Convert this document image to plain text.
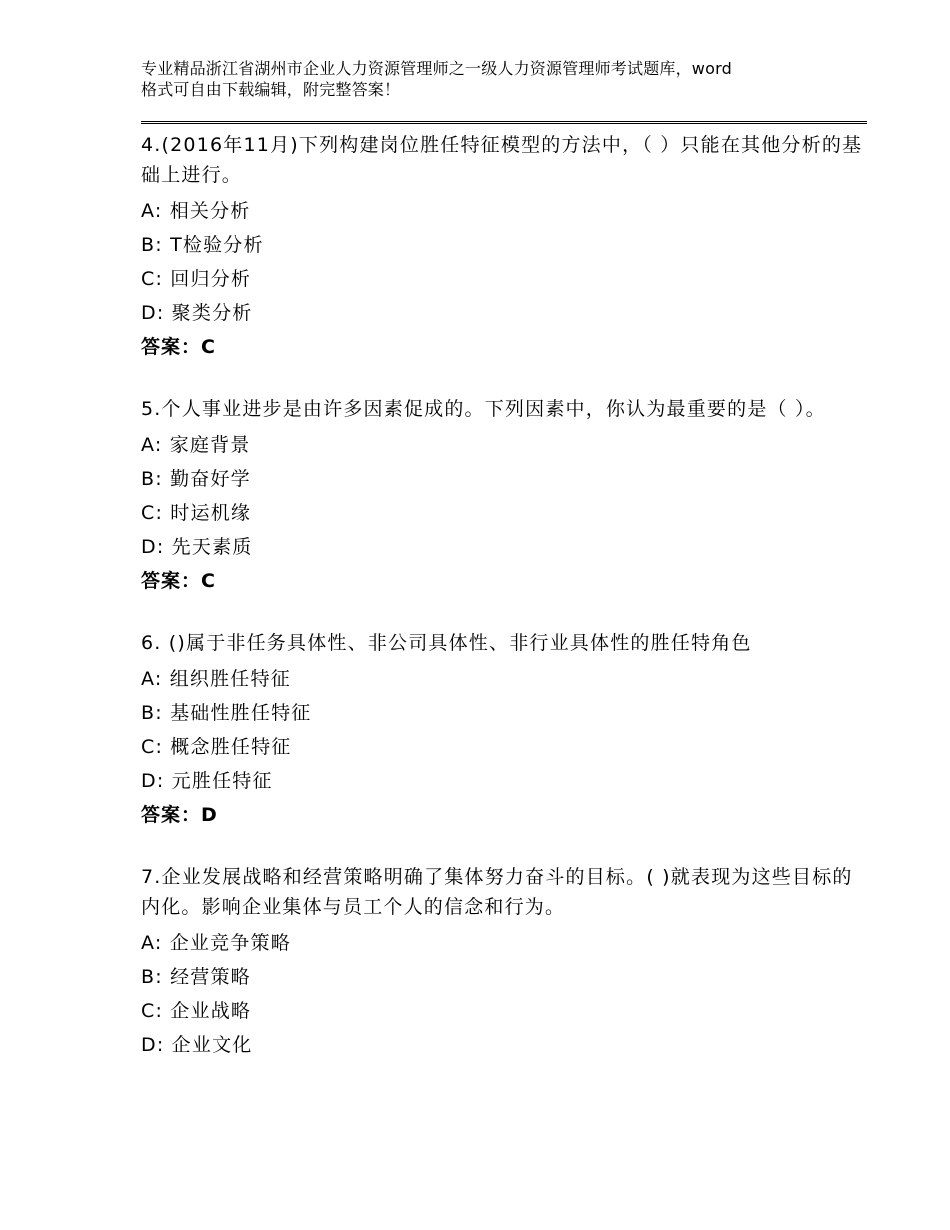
专业精品浙江省湖州市企业人力资源管理师之一级人力资源管理师考试题库，word
格式可自由下载编辑，附完整答案！

4.(2016年11月)下列构建岗位胜任特征模型的方法中，（ ）只能在其他分析的基础上进行。

A: 相关分析

B: T检验分析

C: 回归分析

D: 聚类分析

答案：C

5.个人事业进步是由许多因素促成的。下列因素中，你认为最重要的是（ ）。

A: 家庭背景

B: 勤奋好学

C: 时运机缘

D: 先天素质

答案：C

6. ()属于非任务具体性、非公司具体性、非行业具体性的胜任特角色

A: 组织胜任特征

B: 基础性胜任特征

C: 概念胜任特征

D: 元胜任特征

答案：D

7.企业发展战略和经营策略明确了集体努力奋斗的目标。( )就表现为这些目标的内化。影响企业集体与员工个人的信念和行为。

A: 企业竞争策略

B: 经营策略

C: 企业战略

D: 企业文化
